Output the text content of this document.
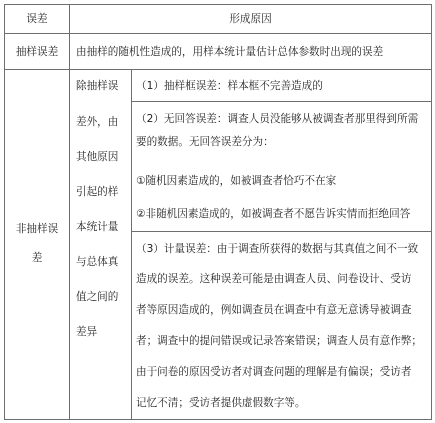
误差	形成原因
抽样误差	由抽样的随机性造成的，用样本统计量估计总体参数时出现的误差
非抽样误
差
除抽样误
差外，由
其他原因
引起的样
本统计量
与总体真
值之间的
差异
（1）抽样框误差：样本框不完善造成的
（2）无回答误差：调查人员没能够从被调查者那里得到所需
要的数据。无回答误差分为：
①随机因素造成的，如被调查者恰巧不在家
②非随机因素造成的，如被调查者不愿告诉实情而拒绝回答
（3）计量误差：由于调查所获得的数据与其真值之间不一致
造成的误差。这种误差可能是由调查人员、问卷设计、受访
者等原因造成的，例如调查员在调查中有意无意诱导被调查
者；调查中的提问错误或记录答案错误；调查人员有意作弊；
由于问卷的原因受访者对调查问题的理解是有偏误；受访者
记忆不清；受访者提供虚假数字等。
